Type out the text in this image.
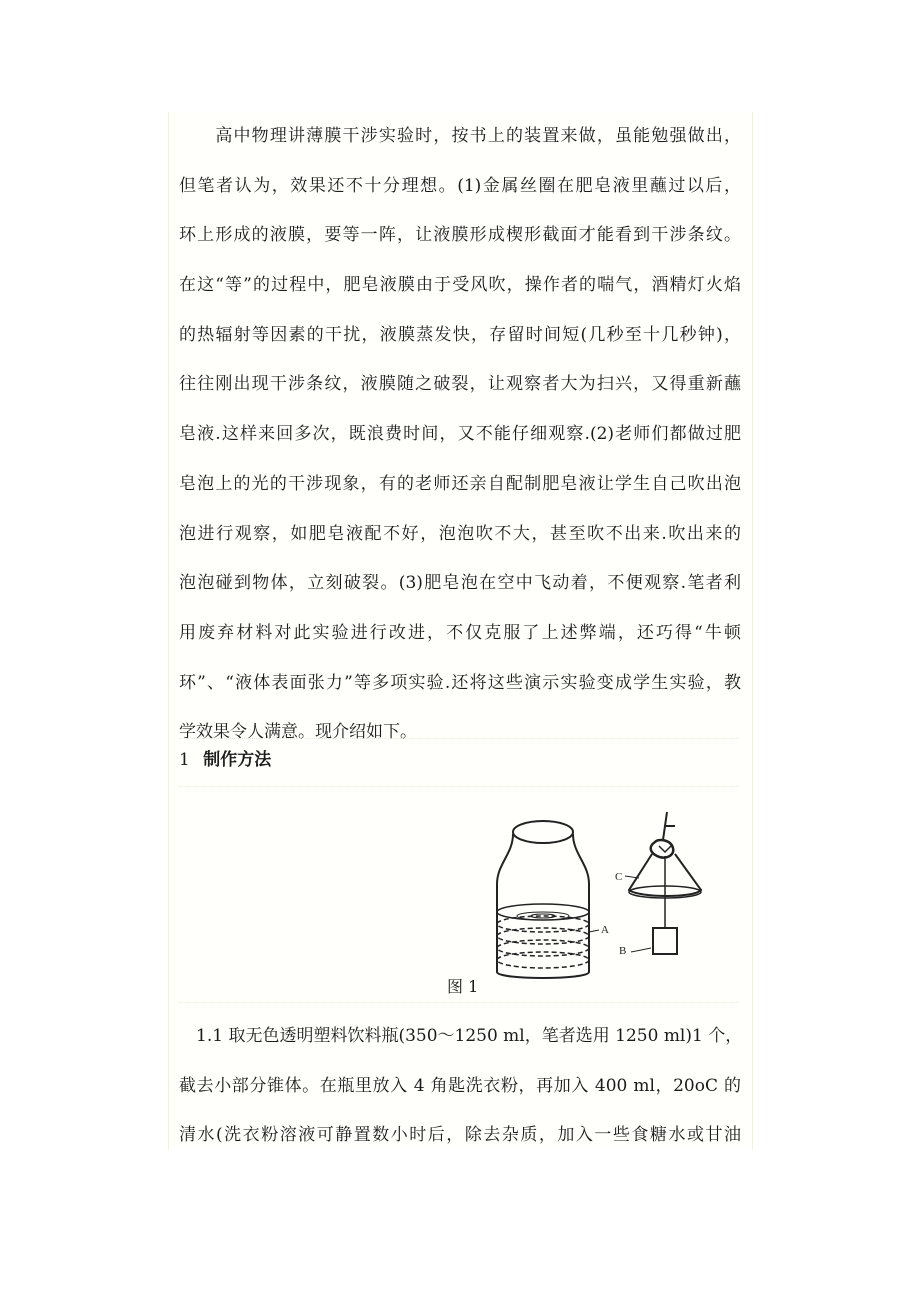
　　高中物理讲薄膜干涉实验时，按书上的装置来做，虽能勉强做出，
但笔者认为，效果还不十分理想。(1)金属丝圈在肥皂液里蘸过以后，
环上形成的液膜，要等一阵，让液膜形成楔形截面才能看到干涉条纹。
在这“等”的过程中，肥皂液膜由于受风吹，操作者的喘气，酒精灯火焰
的热辐射等因素的干扰，液膜蒸发快，存留时间短(几秒至十几秒钟)，
往往刚出现干涉条纹，液膜随之破裂，让观察者大为扫兴，又得重新蘸
皂液.这样来回多次，既浪费时间，又不能仔细观察.(2)老师们都做过肥
皂泡上的光的干涉现象，有的老师还亲自配制肥皂液让学生自己吹出泡
泡进行观察，如肥皂液配不好，泡泡吹不大，甚至吹不出来.吹出来的
泡泡碰到物体，立刻破裂。(3)肥皂泡在空中飞动着，不便观察.笔者利
用废弃材料对此实验进行改进，不仅克服了上述弊端，还巧得“牛顿
环”、“液体表面张力”等多项实验.还将这些演示实验变成学生实验，教
学效果令人满意。现介绍如下。
1 制作方法
A
C
B
图 1
　1.1 取无色透明塑料饮料瓶(350～1250 ml，笔者选用 1250 ml)1 个，
截去小部分锥体。在瓶里放入 4 角匙洗衣粉，再加入 400 ml，20oC 的
清水(洗衣粉溶液可静置数小时后，除去杂质，加入一些食糖水或甘油
